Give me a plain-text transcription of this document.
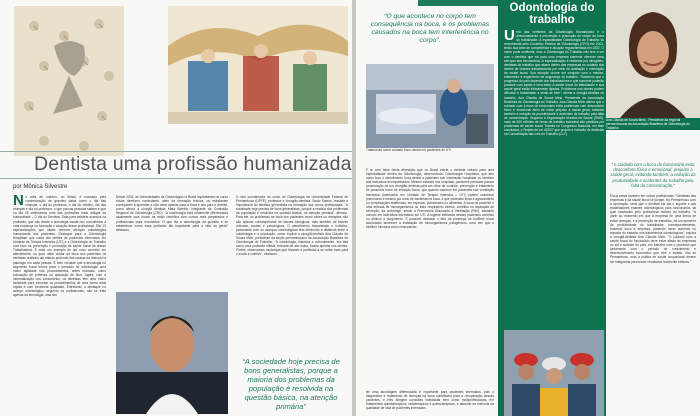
Dentista uma profissão humanizada
por Mônica Silvestre
No mês de outubro, no Brasil, é marcado pela comemoração de grandes datas como o dia das crianças, o dia do professor, o dia do médico, dia das crianças e dia do professor, o que poucas pessoas sabem é que no dia 25 celebramos uma das profissões mais antigas da humanidade – O dia do Dentista. Data para celebrar avanços na profissão, que vão desde a tecnologia usada nos consultórios à uma mudança na formação e atuação desse profissional. São 19 especializações que visam oferecer atenção odontológica humanizada aos pacientes. Destaque para a Odontologia Hospitalar que cuida dos dentes de pacientes internados em Unidade de Terapia Intensiva (UTI) e a Odontologia do Trabalho com foco na prevenção e promoção da saúde bucal da classe Trabalhadora. É mais um exemplo de um novo conceito em atendimento, no qual, além cuidar da boca dos pacientes os dentistas realizam um estudo profundo das causas da doença na patologia em cada pessoa. É bem verdade que a tecnologia no segmento bucal trouxe para o mercado de odontologia uma maior agilidade nos procedimentos, antes manuais, como colocação de próteses ou aplicação de flúor. Agora, com a informatização nos consultórios, os dentistas têm uma maior facilidade para executar os procedimentos de uma forma mais rápida e com excelente qualidade. Entretanto, o destaque no avanço odontológico, segundo os profissionais, não se trata apenas da tecnologia, mas sim
Desde 2003, as Universidades de Odontologia no Brasil implantaram no curso novas diretrizes curriculares, além da formação técnica, os estudantes começaram a aprender a não olhar apenas para a boca e sim para o doente, como afirma a cirurgiã dentista Kátia Botelho, integrante da Comissão Regional de Odontologia (CRO). “A odontologia está totalmente diferenciada atualmente pois houve na visão científica com cursos mais preparados e profissionais mais envolvidos. O que faz a odontologia da guinada e se estabelecer como essa profissão tão importante para a vida da gente” destacou.
O vice coordenador do curso de Odontologia da Universidade Federal de Pernambuco (UFPE), professor e cirurgião-dentista, Saulo Santos, ressalta a importância do dentista generalista na formação dos novos profissionais. “A sociedade hoje precisa de bons generalistas, porque a maioria dos problemas da população é resolvida na questão básica, na atenção primária”, afirmou. Para ele, os problemas na boca dos pacientes como cáries ou retrações não são apenas consequências de fatores biológicos, mas também de fatores culturais, sociais e psicológicos. O atendimento humanizado e holístico, juntamente com os avanços odontológicos têm diminuído a distância entre a odontologia e a população, como explica a cirurgiã-dentista Ana Cláudia de Souza Melo, presidente da seção pernambucana da Associação Brasileira de Odontologia do Trabalho. “A odontologia, histórica e culturalmente, era tida como uma profissão elitista, fechada de alto custo, ficada apenas nos dentes. Porém, observamos mudanças que levaram a profissão a se voltar mais para o social e coletivo”, destacou.
“A sociedade hoje precisa de bons generalistas, porque a maioria dos problemas da população é resolvida na questão básica, na atenção primária”
“O que acontece no corpo tem consequência na boca, e os problemas causados na boca tem interferência no corpo”.
Tratamento sobre cuidado buco-dental em pacientes de UTI
Odontologia do trabalho
Uma das vertentes da Odontologia Humanizada é o direcionamento à prevenção e promoção de saúde da boca do trabalhador. A especialidade Odontologia do Trabalho foi reconhecida pelo Conselho Federal de Odontologia (CFO) em 2001, tendo sua área de competência e atuação regulamentada em 2002. O nome pode confundir, mas a Odontologia do Trabalho não tem a ver com o dentista que vai para uma empresa somente oferecer seus serviços aos funcionários. A especialização é realizada por cirurgiões-dentistas do trabalho que atuam dentro das empresas no cuidado dos dentes de classes trabalhadoras por meio de avaliação e orientação da saúde bucal. Sua atuação ocorre em conjunto com o médico, enfermeiro e engenheiro de segurança do trabalho. “Sabemos que o progresso do país depende dos trabalhadores e que somente poderão produzir com saúde e bem-estar. A saúde bucal do trabalhador e sua saúde geral estão intimamente ligadas. Problemas nos dentes podem dificultar o trabalhador a sentir-se bem”, afirma a cirurgiã-dentista do trabalho, Ana Cláudia de Souza Melo, Presidente da Associação Brasileira de Odontologia do Trabalho. Ana Cláudia Melo afirma que o cuidado com a boca do funcionário evita problemas com desconforto físico e emocional além de evitar prejuízo à saúde geral, evitando também a redução da produtividade e acidentes de trabalho pela falta de concentração. Segundo a Organização Mundial de Saúde (OMS), mais de 500 milhões de horas de trabalho industrial são perdidos por problemas de saúde bucal. Tramita no Congresso Nacional, em fase conclusiva, o Projeto de Lei 422/07 que propõe a inclusão de dentistas na Consolidação das Leis do Trabalho (CLT)
Ana Cláudia de Souza Melo - Presidente da regional pernambucana da Associação Brasileira de Odontologia do Trabalho
“ o cuidado com a boca do funcionário evita desconforto físico e emocional, prejuízo à saúde geral, evitando também, a redução da produtividade e acidentes de trabalho pela falta de concentração.”
Ela já existe também em outros profissionais: “Dentistas das empresas e da saúde bucal se juntam. No Pernambuco com a aprovação, seria que o dentista iria dar o suporte e aos trabalhadores exames odontológicos para funcionários, tal qual mostrados pelo profissional médico do trabalho. “A partir do momento em que a empresa for uma forma de evitar doenças, e a prevenção de trabalhos, há um aumento da produtividade do trabalhador, consequentemente, trazendo lucro à empresa, podendo haver aumento no impacto do trabalho nos tratamentos odontológicos”, explica a cirurgiã-dentista Ana Cláudia Melo. “O cuidado com a saúde bucal do funcionário deve estar aliado às empresas no sul e sudeste do país, em trabalho com o processo que juntamente com o período de crescimento e desenvolvimento econômico que vive o estado, não só Pernambuco, mas a prática de saúde ocupacional devem ser integradas para trazer resultados realmente efetivos.”
F or com base nesta afirmação que no Brasil existe o dentista voltado para uma especialidade dentro da Odontologia, desenvolvida: Odontologia Hospitalar, que tem como foco o atendimento buco-dental a pacientes sob internação hospitalar ou também aos indivíduos acompanhados. Mesmo estando nos hospitais, pacientes precisam passar proservação de um cirurgião-dentista para um olhar de controle, prevenção e tratamento de possíveis focos de infecção bucal, que quando ocorrem em pacientes sob ventilação mecânica (internados em Unidade de Terapia Intensiva – UTI) podem ocasionar pneumonia e mesmo por meio de bactérias na boca, e que poderiam levar a agravamento ou complicações sistêmicas, em especial, pulmonares ou alimentar. A boca de paciente é uma entrada de microrganismos no trato respiratório inferior, contribui na aspiração de secreção, da orofaringe, sendo a Pneumonia Associada à Ventilação (PAV), bastante comum em indivíduos internados em UTI. A higiene efetivada nesses pacientes contribui ou diminui o surgimento. É possível destacar o fato da presença de biofilme bucal acumulado favorecer a instalação de microrganismos patogênicos, uma vez que o biofilme funciona como reservatório.
ter uma abordagem diferenciada é importante para pacientes internados, pois o diagnóstico e tratamento de doenças na boca contribuem para a recuperação desses pacientes, e eles atingem consultas individuais bem como multiprofissionais, em tratamentos quimioterápicos, radioterápicos e quimioterápicos, e atuando na melhoria da qualidade de vida de pacientes internados.
